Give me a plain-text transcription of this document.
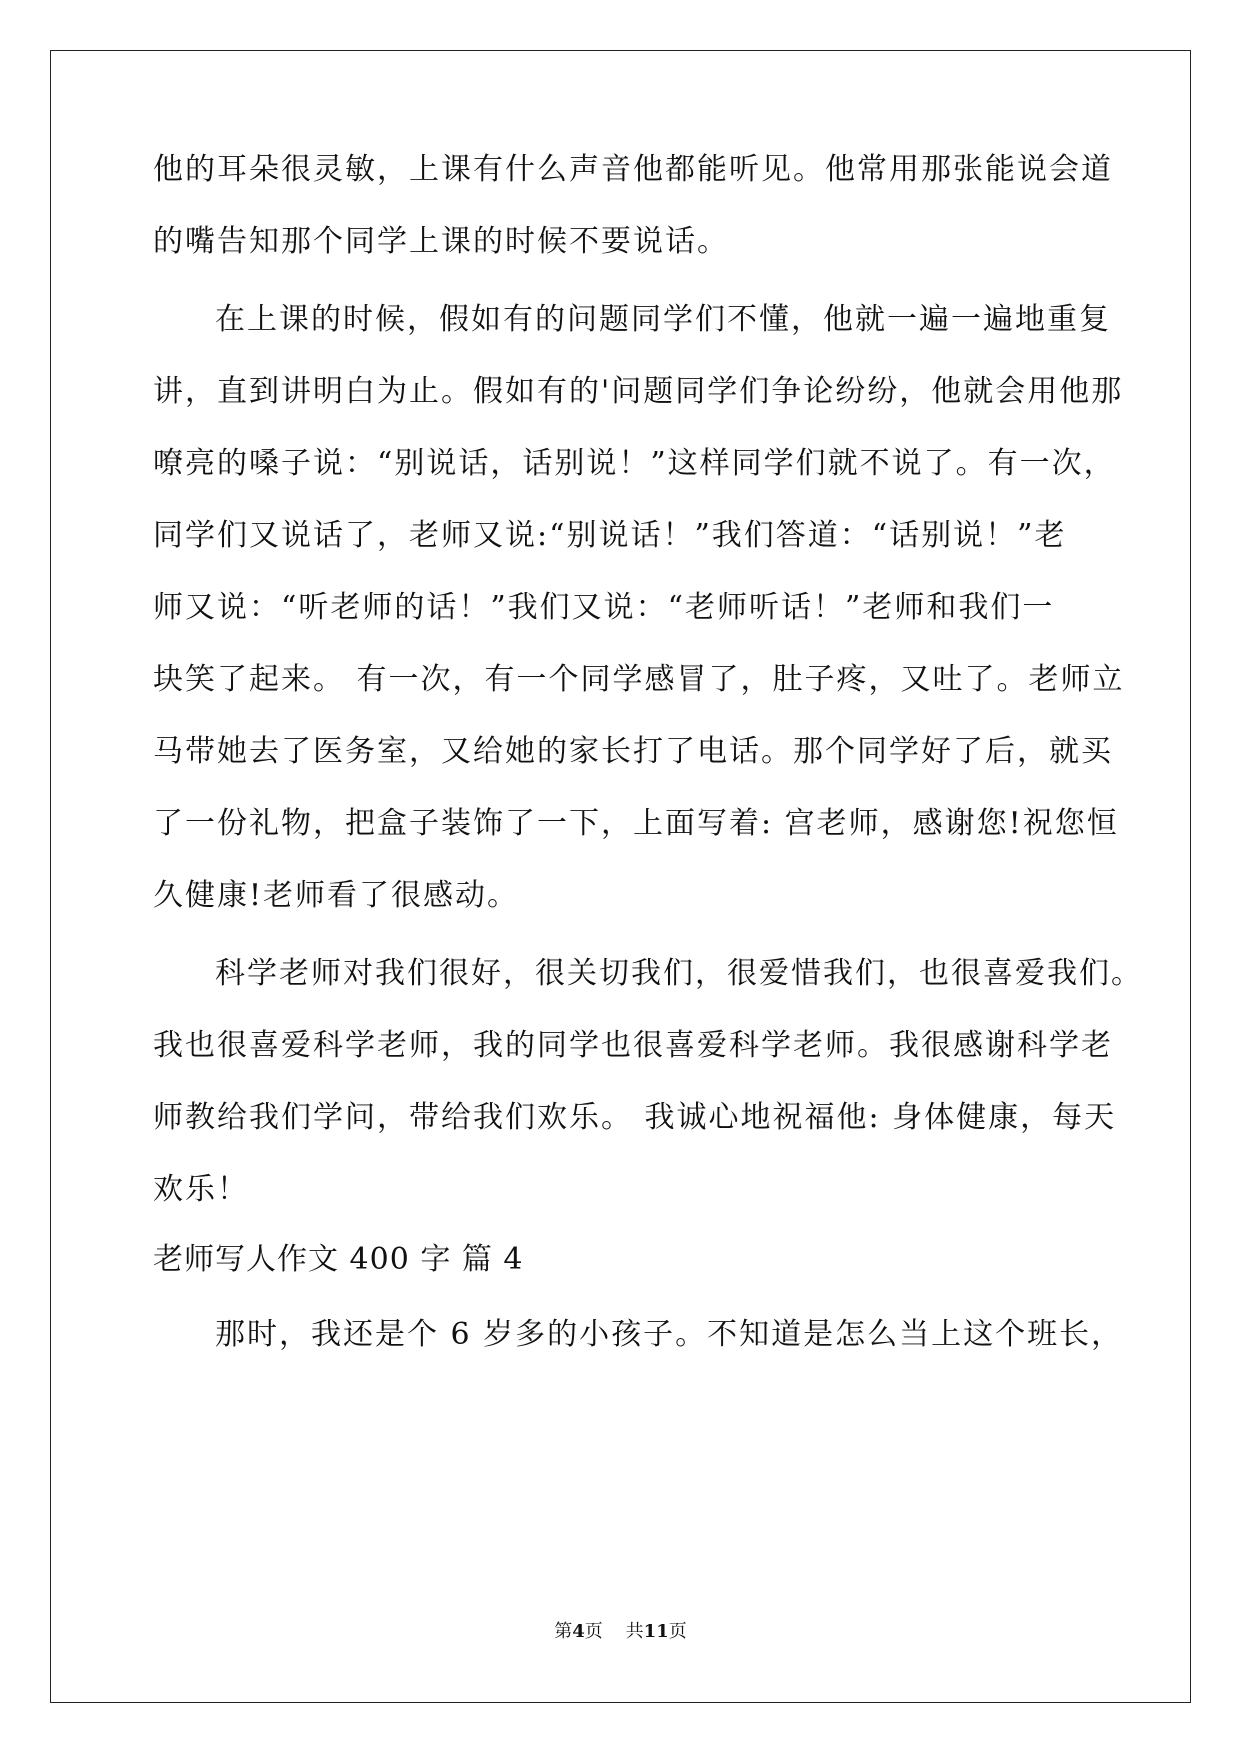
他的耳朵很灵敏，上课有什么声音他都能听见。他常用那张能说会道
的嘴告知那个同学上课的时候不要说话。
在上课的时候，假如有的问题同学们不懂，他就一遍一遍地重复
讲，直到讲明白为止。假如有的'问题同学们争论纷纷，他就会用他那
嘹亮的嗓子说：“别说话，话别说！”这样同学们就不说了。有一次，
同学们又说话了，老师又说:“别说话！”我们答道：“话别说！”老
师又说：“听老师的话！”我们又说：“老师听话！”老师和我们一
块笑了起来。 有一次，有一个同学感冒了，肚子疼，又吐了。老师立
马带她去了医务室，又给她的家长打了电话。那个同学好了后，就买
了一份礼物，把盒子装饰了一下，上面写着: 宫老师，感谢您!祝您恒
久健康!老师看了很感动。
科学老师对我们很好，很关切我们，很爱惜我们，也很喜爱我们。
我也很喜爱科学老师，我的同学也很喜爱科学老师。我很感谢科学老
师教给我们学问，带给我们欢乐。 我诚心地祝福他: 身体健康，每天
欢乐！
老师写人作文 400 字 篇 4
那时，我还是个 6 岁多的小孩子。不知道是怎么当上这个班长，
第4页    共11页
